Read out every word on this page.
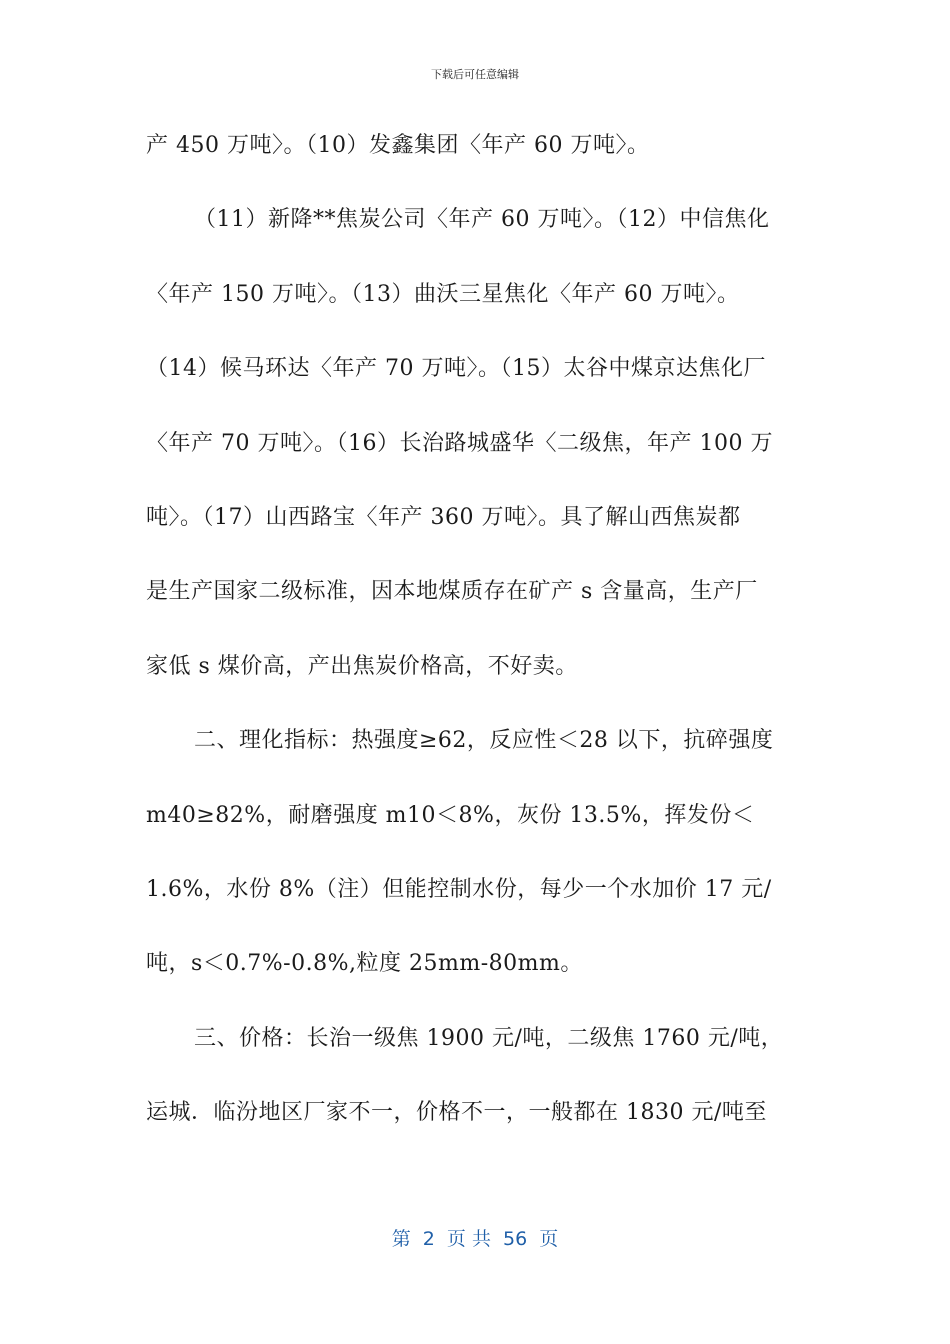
下载后可任意编辑
产 450 万吨〉。（10）发鑫集团〈年产 60 万吨〉。
（11）新降**焦炭公司〈年产 60 万吨〉。（12）中信焦化
〈年产 150 万吨〉。（13）曲沃三星焦化〈年产 60 万吨〉。
（14）候马环达〈年产 70 万吨〉。（15）太谷中煤京达焦化厂
〈年产 70 万吨〉。（16）长治路城盛华〈二级焦，年产 100 万
吨〉。（17）山西路宝〈年产 360 万吨〉。具了解山西焦炭都
是生产国家二级标准，因本地煤质存在矿产 s 含量高，生产厂
家低 s 煤价高，产出焦炭价格高，不好卖。
二、理化指标：热强度≥62，反应性＜28 以下，抗碎强度
m40≥82%，耐磨强度 m10＜8%，灰份 13.5%，挥发份＜
1.6%，水份 8%（注）但能控制水份，每少一个水加价 17 元/
吨，s＜0.7%-0.8%,粒度 25mm-80mm。
三、价格：长治一级焦 1900 元/吨，二级焦 1760 元/吨，
运城．临汾地区厂家不一，价格不一，一般都在 1830 元/吨至
第  2  页 共  56  页
